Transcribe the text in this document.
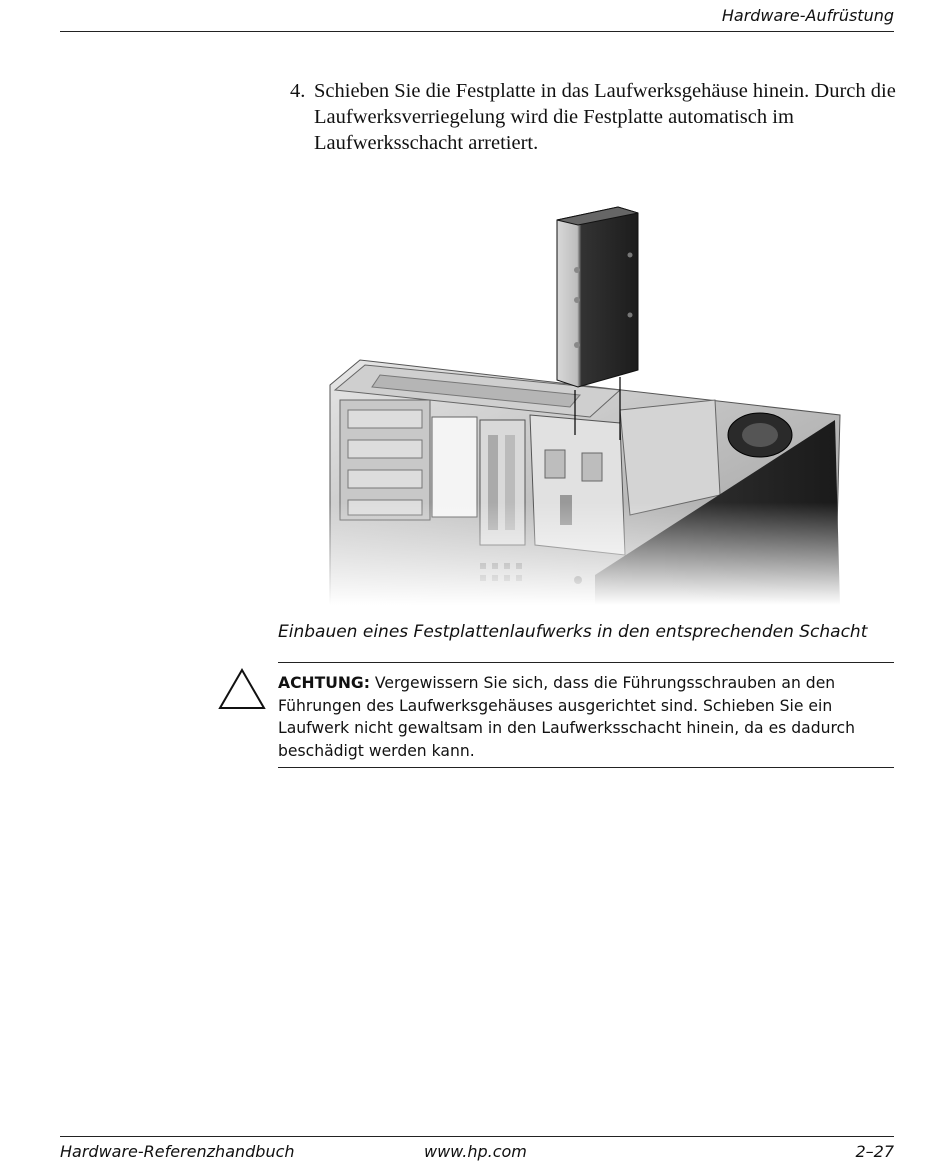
Hardware-Aufrüstung
4. Schieben Sie die Festplatte in das Laufwerksgehäuse hinein. Durch die Laufwerksverriegelung wird die Festplatte automatisch im Laufwerksschacht arretiert.
Einbauen eines Festplattenlaufwerks in den entsprechenden Schacht
ACHTUNG: Vergewissern Sie sich, dass die Führungsschrauben an den Führungen des Laufwerksgehäuses ausgerichtet sind. Schieben Sie ein Laufwerk nicht gewaltsam in den Laufwerksschacht hinein, da es dadurch beschädigt werden kann.
Hardware-Referenzhandbuch	www.hp.com	2–27
